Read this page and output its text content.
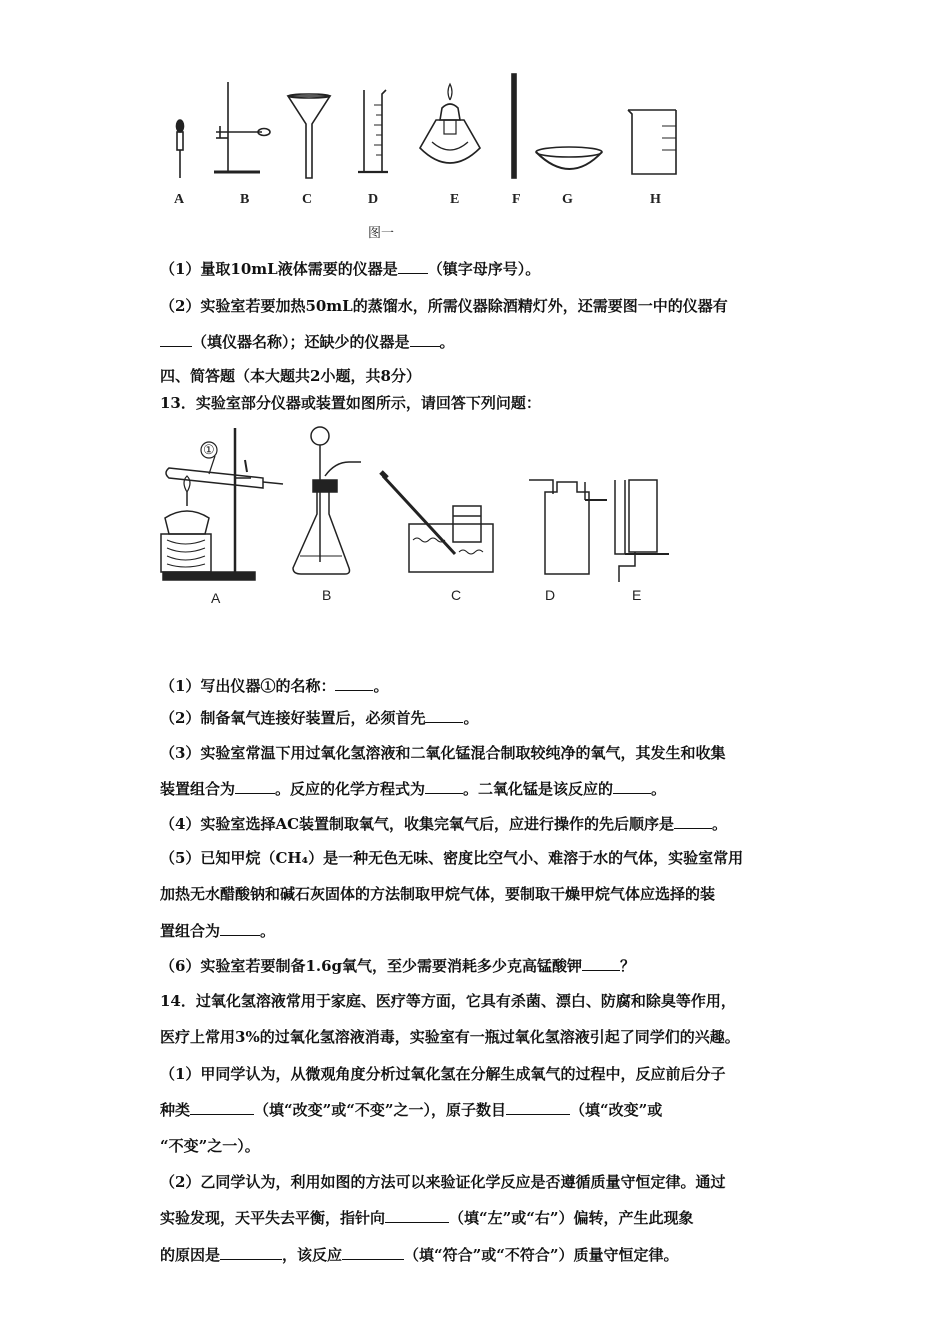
A	B	C	D	E	F	G	H
图一
（1）量取10mL液体需要的仪器是 （镇字母序号）。
（2）实验室若要加热50mL的蒸馏水，所需仪器除酒精灯外，还需要图一中的仪器有
（填仪器名称）；还缺少的仪器是 。
四、简答题（本大题共2小题，共8分）
13．实验室部分仪器或装置如图所示，请回答下列问题：
A	B	C	D	E
①
（1）写出仪器①的名称：	。
（2）制备氧气连接好装置后，必须首先	。
（3）实验室常温下用过氧化氢溶液和二氧化锰混合制取较纯净的氧气，其发生和收集
装置组合为	。反应的化学方程式为	。二氧化锰是该反应的	。
（4）实验室选择AC装置制取氧气，收集完氧气后，应进行操作的先后顺序是	。
（5）已知甲烷（CH₄）是一种无色无味、密度比空气小、难溶于水的气体，实验室常用
加热无水醋酸钠和碱石灰固体的方法制取甲烷气体，要制取干燥甲烷气体应选择的装
置组合为	。
（6）实验室若要制备1.6g氧气，至少需要消耗多少克高锰酸钾	？
14．过氧化氢溶液常用于家庭、医疗等方面，它具有杀菌、漂白、防腐和除臭等作用，
医疗上常用3%的过氧化氢溶液消毒，实验室有一瓶过氧化氢溶液引起了同学们的兴趣。
（1）甲同学认为，从微观角度分析过氧化氢在分解生成氧气的过程中，反应前后分子
种类	（填“改变”或“不变”之一），原子数目	（填“改变”或
“不变”之一）。
（2）乙同学认为，利用如图的方法可以来验证化学反应是否遵循质量守恒定律。通过
实验发现，天平失去平衡，指针向	（填“左”或“右”）偏转，产生此现象
的原因是	，该反应	（填“符合”或“不符合”）质量守恒定律。
